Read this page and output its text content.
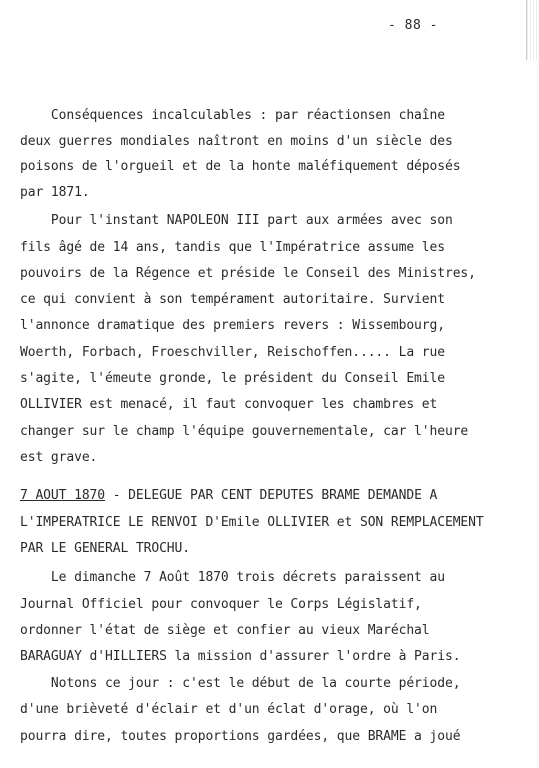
- 88 -
Conséquences incalculables : par réactionsen chaîne
deux guerres mondiales naîtront en moins d'un siècle des
poisons de l'orgueil et de la honte maléfiquement déposés
par 1871.
Pour l'instant NAPOLEON III part aux armées avec son
fils âgé de 14 ans, tandis que l'Impératrice assume les
pouvoirs de la Régence et préside le Conseil des Ministres,
ce qui convient à son tempérament autoritaire. Survient
l'annonce dramatique des premiers revers : Wissembourg,
Woerth, Forbach, Froeschviller, Reischoffen..... La rue
s'agite, l'émeute gronde, le président du Conseil Emile
OLLIVIER est menacé, il faut convoquer les chambres et
changer sur le champ l'équipe gouvernementale, car l'heure
est grave.
7 AOUT 1870 - DELEGUE PAR CENT DEPUTES BRAME DEMANDE A
L'IMPERATRICE LE RENVOI D'Emile OLLIVIER et SON REMPLACEMENT
PAR LE GENERAL TROCHU.
Le dimanche 7 Août 1870 trois décrets paraissent au
Journal Officiel pour convoquer le Corps Législatif,
ordonner l'état de siège et confier au vieux Maréchal
BARAGUAY d'HILLIERS la mission d'assurer l'ordre à Paris.
Notons ce jour : c'est le début de la courte période,
d'une brièveté d'éclair et d'un éclat d'orage, où l'on
pourra dire, toutes proportions gardées, que BRAME a joué
